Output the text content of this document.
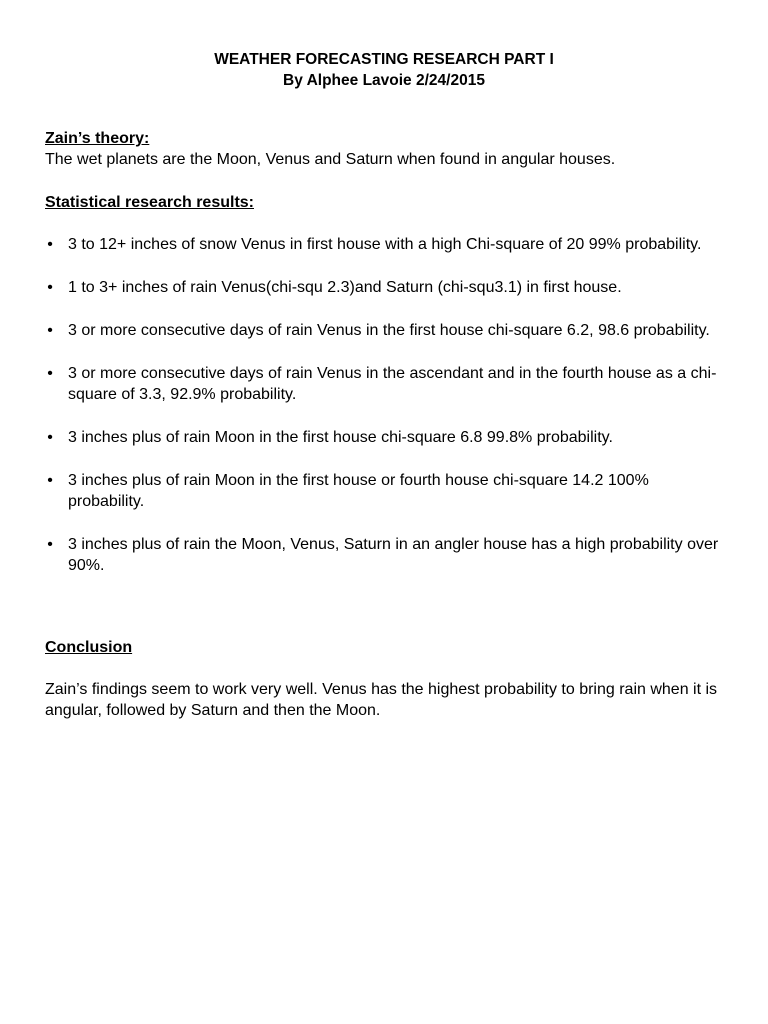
WEATHER FORECASTING RESEARCH PART I
By Alphee Lavoie 2/24/2015
Zain’s theory:
The wet planets are the Moon, Venus and Saturn when found in angular houses.
Statistical research results:
• 3 to 12+ inches of snow Venus in first house with a high Chi-square of 20 99% probability.
• 1 to 3+ inches of rain Venus(chi-squ 2.3)and Saturn (chi-squ3.1) in first house.
• 3 or more consecutive days of rain Venus in the first house chi-square 6.2, 98.6 probability.
• 3 or more consecutive days of rain Venus in the ascendant and in the fourth house as a chi-square of 3.3, 92.9% probability.
• 3 inches plus of rain Moon in the first house chi-square 6.8 99.8% probability.
• 3 inches plus of rain Moon in the first house or fourth house chi-square 14.2 100% probability.
• 3 inches plus of rain the Moon, Venus, Saturn in an angler house has a high probability over 90%.
Conclusion
Zain’s findings seem to work very well. Venus has the highest probability to bring rain when it is angular, followed by Saturn and then the Moon.
